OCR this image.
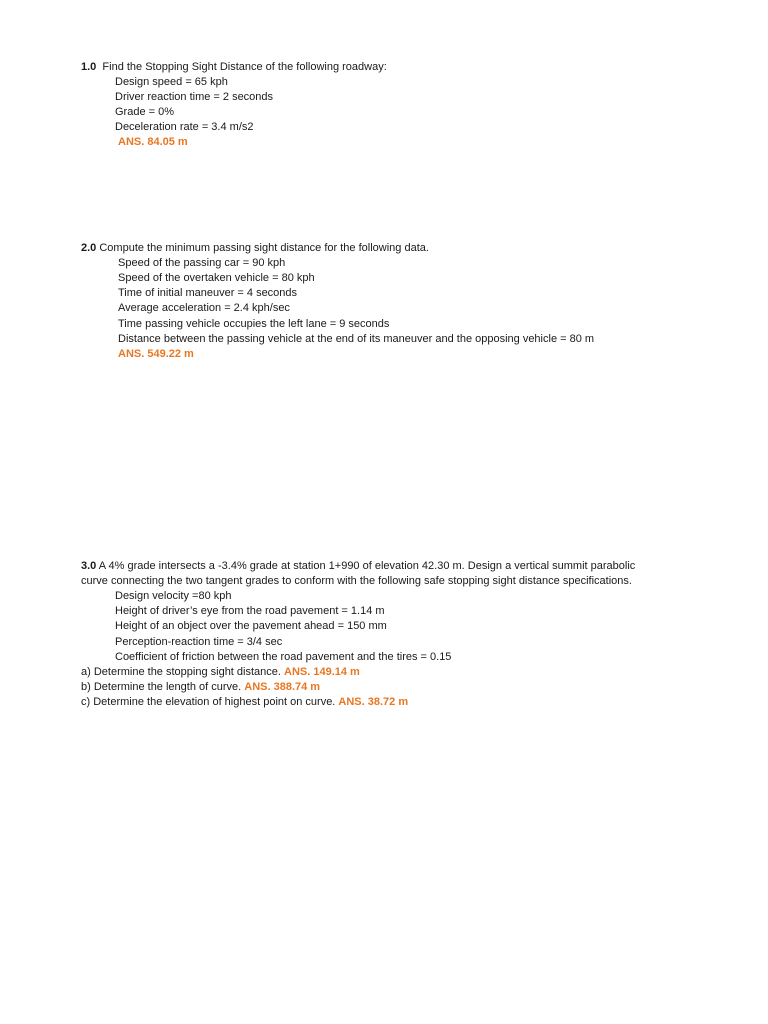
1.0 Find the Stopping Sight Distance of the following roadway:
Design speed = 65 kph
Driver reaction time = 2 seconds
Grade = 0%
Deceleration rate = 3.4 m/s2
ANS. 84.05 m
2.0 Compute the minimum passing sight distance for the following data.
Speed of the passing car = 90 kph
Speed of the overtaken vehicle = 80 kph
Time of initial maneuver = 4 seconds
Average acceleration = 2.4 kph/sec
Time passing vehicle occupies the left lane = 9 seconds
Distance between the passing vehicle at the end of its maneuver and the opposing vehicle = 80 m
ANS. 549.22 m
3.0 A 4% grade intersects a -3.4% grade at station 1+990 of elevation 42.30 m. Design a vertical summit parabolic
curve connecting the two tangent grades to conform with the following safe stopping sight distance specifications.
Design velocity =80 kph
Height of driver’s eye from the road pavement = 1.14 m
Height of an object over the pavement ahead = 150 mm
Perception-reaction time = 3/4 sec
Coefficient of friction between the road pavement and the tires = 0.15
a) Determine the stopping sight distance. ANS. 149.14 m
b) Determine the length of curve. ANS. 388.74 m
c) Determine the elevation of highest point on curve. ANS. 38.72 m
